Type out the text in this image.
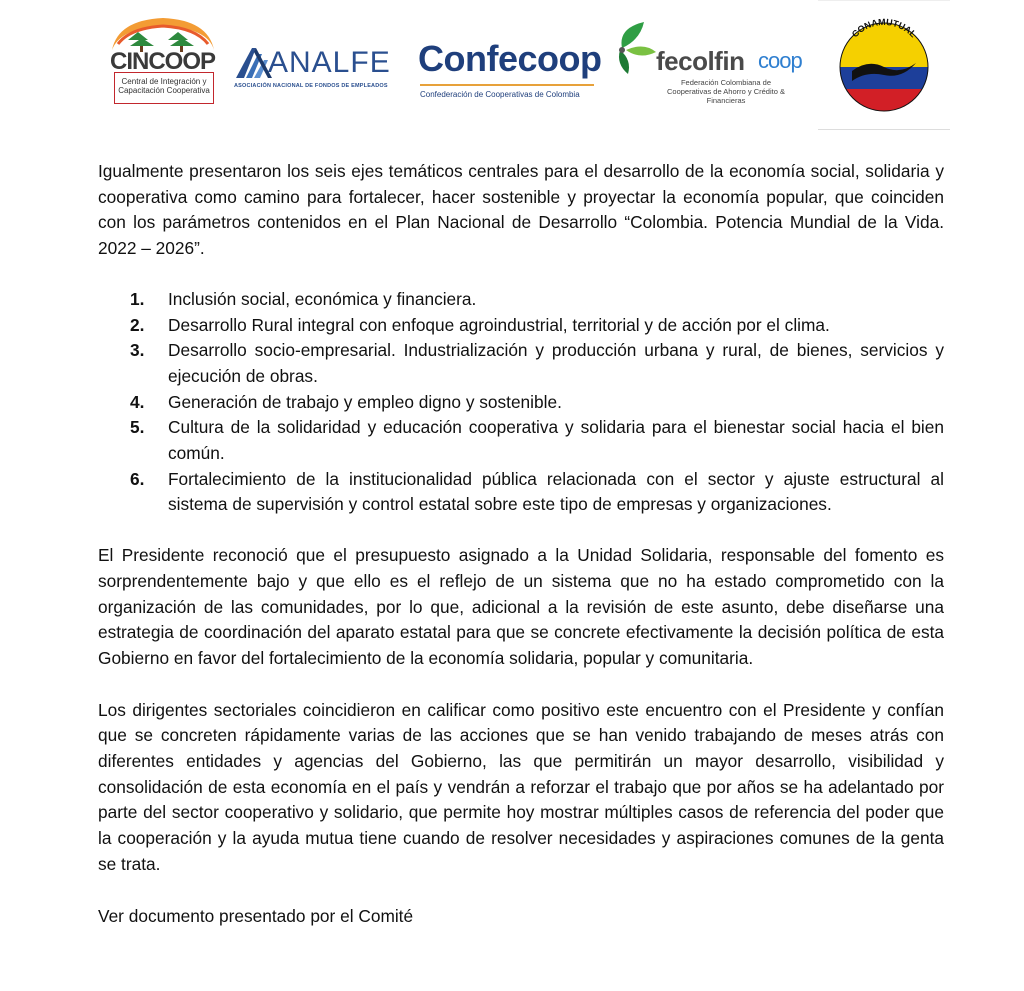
CINCOOP
Central de Integración y Capacitación Cooperativa
ANALFE
ASOCIACIÓN NACIONAL DE FONDOS DE EMPLEADOS
Confecoop
Confederación de Cooperativas de Colombia
fecolfin coop
Federación Colombiana de Cooperativas de Ahorro y Crédito & Financieras
CONAMUTUAL

Igualmente presentaron los seis ejes temáticos centrales para el desarrollo de la economía social, solidaria y cooperativa como camino para fortalecer, hacer sostenible y proyectar la economía popular, que coinciden con los parámetros contenidos en el Plan Nacional de Desarrollo “Colombia. Potencia Mundial de la Vida. 2022 – 2026”.

1. Inclusión social, económica y financiera.
2. Desarrollo Rural integral con enfoque agroindustrial, territorial y de acción por el clima.
3. Desarrollo socio-empresarial. Industrialización y producción urbana y rural, de bienes, servicios y ejecución de obras.
4. Generación de trabajo y empleo digno y sostenible.
5. Cultura de la solidaridad y educación cooperativa y solidaria para el bienestar social hacia el bien común.
6. Fortalecimiento de la institucionalidad pública relacionada con el sector y ajuste estructural al sistema de supervisión y control estatal sobre este tipo de empresas y organizaciones.

El Presidente reconoció que el presupuesto asignado a la Unidad Solidaria, responsable del fomento es sorprendentemente bajo y que ello es el reflejo de un sistema que no ha estado comprometido con la organización de las comunidades, por lo que, adicional a la revisión de este asunto, debe diseñarse una estrategia de coordinación del aparato estatal para que se concrete efectivamente la decisión política de esta Gobierno en favor del fortalecimiento de la economía solidaria, popular y comunitaria.

Los dirigentes sectoriales coincidieron en calificar como positivo este encuentro con el Presidente y confían que se concreten rápidamente varias de las acciones que se han venido trabajando de meses atrás con diferentes entidades y agencias del Gobierno, las que permitirán un mayor desarrollo, visibilidad y consolidación de esta economía en el país y vendrán a reforzar el trabajo que por años se ha adelantado por parte del sector cooperativo y solidario, que permite hoy mostrar múltiples casos de referencia del poder que la cooperación y la ayuda mutua tiene cuando de resolver necesidades y aspiraciones comunes de la genta se trata.

Ver documento presentado por el Comité
